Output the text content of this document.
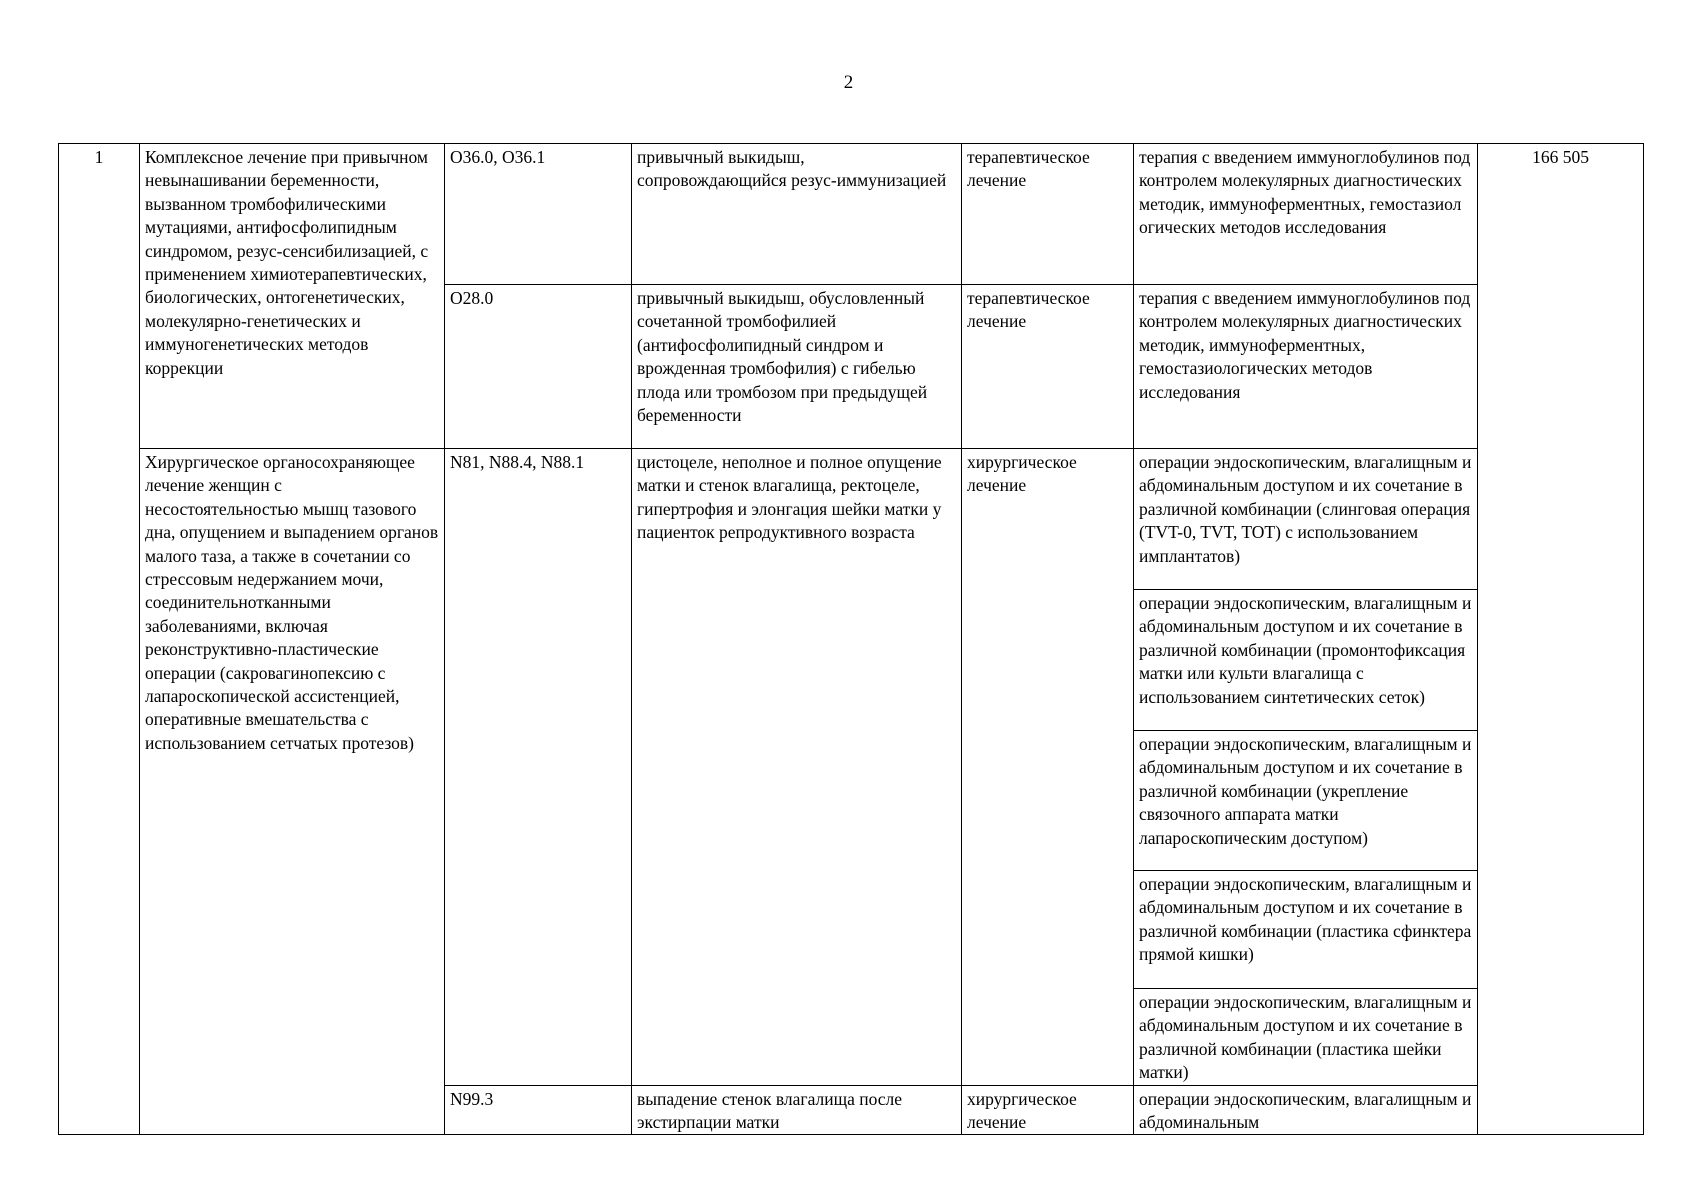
2
1	Комплексное лечение при привычном невынашивании беременности, вызванном тромбофилическими мутациями, антифосфолипидным синдромом, резус-сенсибилизацией, с применением химиотерапевтических, биологических, онтогенетических, молекулярно-генетических и иммуногенетических методов коррекции	O36.0, O36.1	привычный выкидыш, сопровождающийся резус-иммунизацией	терапевтическое лечение	терапия с введением иммуноглобулинов под контролем молекулярных диагностических методик, иммуноферментных, гемостазиол огических методов исследования	166 505
		O28.0	привычный выкидыш, обусловленный сочетанной тромбофилией (антифосфолипидный синдром и врожденная тромбофилия) с гибелью плода или тромбозом при предыдущей беременности	терапевтическое лечение	терапия с введением иммуноглобулинов под контролем молекулярных диагностических методик, иммуноферментных, гемостазиологических методов исследования	
	Хирургическое органосохраняющее лечение женщин с несостоятельностью мышц тазового дна, опущением и выпадением органов малого таза, а также в сочетании со стрессовым недержанием мочи, соединительнотканными заболеваниями, включая реконструктивно-пластические операции (сакровагинопексию с лапароскопической ассистенцией, оперативные вмешательства с использованием сетчатых протезов)	N81, N88.4, N88.1	цистоцеле, неполное и полное опущение матки и стенок влагалища, ректоцеле, гипертрофия и элонгация шейки матки у пациенток репродуктивного возраста	хирургическое лечение	операции эндоскопическим, влагалищным и абдоминальным доступом и их сочетание в различной комбинации (слинговая операция (TVT-0, TVT, TOT) с использованием имплантатов)	
					операции эндоскопическим, влагалищным и абдоминальным доступом и их сочетание в различной комбинации (промонтофиксация матки или культи влагалища с использованием синтетических сеток)	
					операции эндоскопическим, влагалищным и абдоминальным доступом и их сочетание в различной комбинации (укрепление связочного аппарата матки лапароскопическим доступом)	
					операции эндоскопическим, влагалищным и абдоминальным доступом и их сочетание в различной комбинации (пластика сфинктера прямой кишки)	
					операции эндоскопическим, влагалищным и абдоминальным доступом и их сочетание в различной комбинации (пластика шейки матки)	
		N99.3	выпадение стенок влагалища после экстирпации матки	хирургическое лечение	операции эндоскопическим, влагалищным и абдоминальным	
